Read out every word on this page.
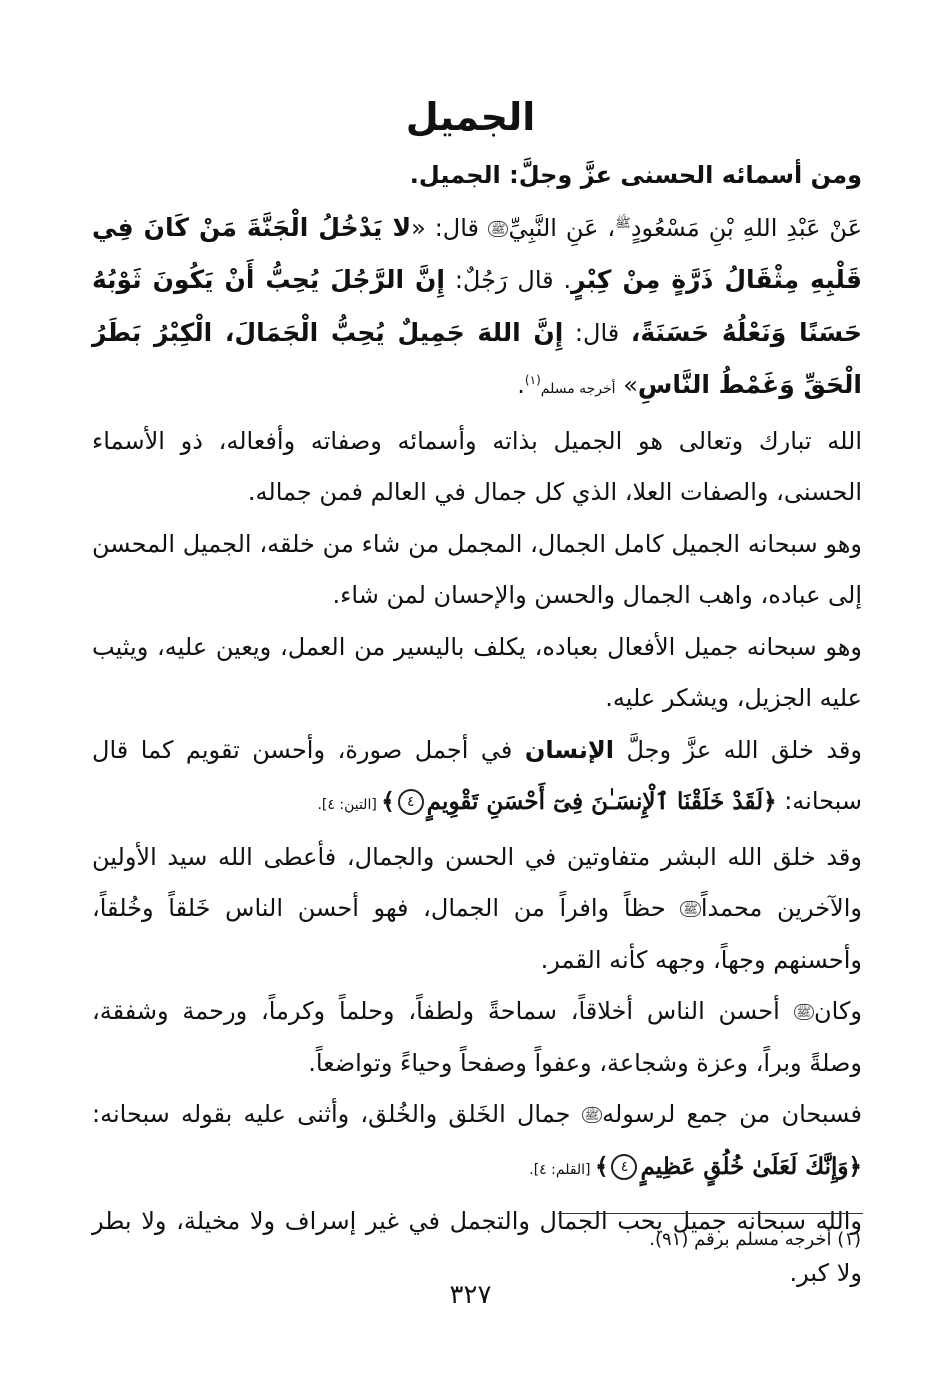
الجميل

ومن أسمائه الحسنى عزَّ وجلَّ: الجميل.

عَنْ عَبْدِ اللهِ بْنِ مَسْعُودٍ$^ﷺ$، عَنِ النَّبِيِّﷺ قال: «لا يَدْخُلُ الْجَنَّةَ مَنْ كَانَ فِي قَلْبِهِ مِثْقَالُ ذَرَّةٍ مِنْ كِبْرٍ. قال رَجُلٌ: إِنَّ الرَّجُلَ يُحِبُّ أَنْ يَكُونَ ثَوْبُهُ حَسَنًا وَنَعْلُهُ حَسَنَةً، قال: إِنَّ اللهَ جَمِيلٌ يُحِبُّ الْجَمَالَ، الْكِبْرُ بَطَرُ الْحَقِّ وَغَمْطُ النَّاسِ» أخرجه مسلم$^{(١)}$.

الله تبارك وتعالى هو الجميل بذاته وأسمائه وصفاته وأفعاله، ذو الأسماء الحسنى، والصفات العلا، الذي كل جمال في العالم فمن جماله.

وهو سبحانه الجميل كامل الجمال، المجمل من شاء من خلقه، الجميل المحسن إلى عباده، واهب الجمال والحسن والإحسان لمن شاء.

وهو سبحانه جميل الأفعال بعباده، يكلف باليسير من العمل، ويعين عليه، ويثيب عليه الجزيل، ويشكر عليه.

وقد خلق الله عزَّ وجلَّ الإنسان في أجمل صورة، وأحسن تقويم كما قال سبحانه: ﴿لَقَدْ خَلَقْنَا ٱلْإِنسَـٰنَ فِىٓ أَحْسَنِ تَقْوِيمٍ٤﴾ [التين: ٤].

وقد خلق الله البشر متفاوتين في الحسن والجمال، فأعطى الله سيد الأولين والآخرين محمداًﷺ حظاً وافراً من الجمال، فهو أحسن الناس خَلقاً وخُلقاً، وأحسنهم وجهاً، وجهه كأنه القمر.

وكانﷺ أحسن الناس أخلاقاً، سماحةً ولطفاً، وحلماً وكرماً، ورحمة وشفقة، وصلةً وبراً، وعزة وشجاعة، وعفواً وصفحاً وحياءً وتواضعاً.

فسبحان من جمع لرسولهﷺ جمال الخَلق والخُلق، وأثنى عليه بقوله سبحانه: ﴿وَإِنَّكَ لَعَلَىٰ خُلُقٍ عَظِيمٍ٤﴾ [القلم: ٤].

والله سبحانه جميل يحب الجمال والتجمل في غير إسراف ولا مخيلة، ولا بطر ولا كبر.

(١) أخرجه مسلم برقم (٩١).
٣٢٧
